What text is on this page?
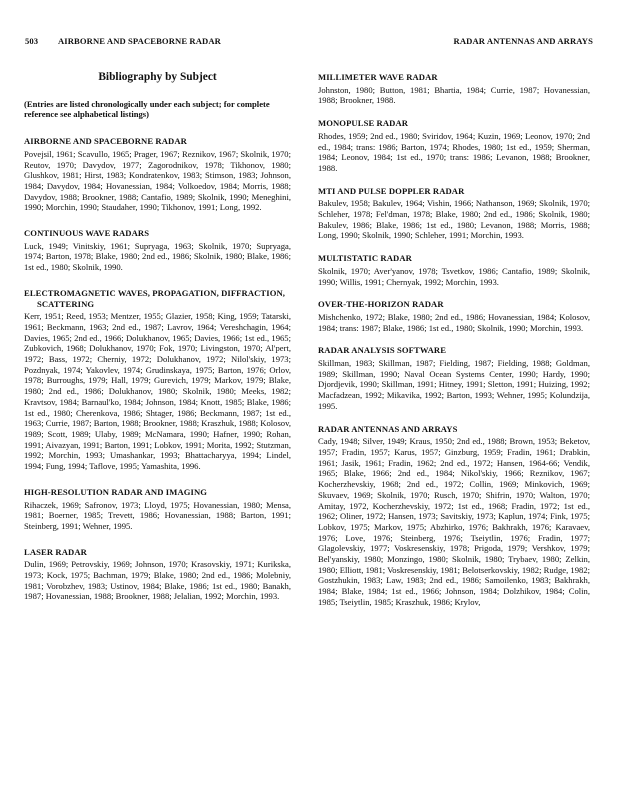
503 AIRBORNE AND SPACEBORNE RADAR	RADAR ANTENNAS AND ARRAYS
Bibliography by Subject
(Entries are listed chronologically under each subject; for complete reference see alphabetical listings)
AIRBORNE AND SPACEBORNE RADAR

Povejsil, 1961; Scavullo, 1965; Prager, 1967; Reznikov, 1967; Skolnik, 1970; Reutov, 1970; Davydov, 1977; Zagorodnikov, 1978; Tikhonov, 1980; Glushkov, 1981; Hirst, 1983; Kondratenkov, 1983; Stimson, 1983; Johnson, 1984; Davydov, 1984; Hovanessian, 1984; Volkoedov, 1984; Morris, 1988; Davydov, 1988; Brookner, 1988; Cantafio, 1989; Skolnik, 1990; Meneghini, 1990; Morchin, 1990; Staudaher, 1990; Tikhonov, 1991; Long, 1992.

CONTINUOUS WAVE RADARS

Luck, 1949; Vinitskiy, 1961; Supryaga, 1963; Skolnik, 1970; Supryaga, 1974; Barton, 1978; Blake, 1980; 2nd ed., 1986; Skolnik, 1980; Blake, 1986; 1st ed., 1980; Skolnik, 1990.

ELECTROMAGNETIC WAVES, PROPAGATION, DIFFRACTION, SCATTERING

Kerr, 1951; Reed, 1953; Mentzer, 1955; Glazier, 1958; King, 1959; Tatarski, 1961; Beckmann, 1963; 2nd ed., 1987; Lavrov, 1964; Vereshchagin, 1964; Davies, 1965; 2nd ed., 1966; Dolukhanov, 1965; Davies, 1966; 1st ed., 1965; Zubkovich, 1968; Dolukhanov, 1970; Fok, 1970; Livingston, 1970; Al'pert, 1972; Bass, 1972; Cherniy, 1972; Dolukhanov, 1972; Nilol'skiy, 1973; Pozdnyak, 1974; Yakovlev, 1974; Grudinskaya, 1975; Barton, 1976; Orlov, 1978; Burroughs, 1979; Hall, 1979; Gurevich, 1979; Markov, 1979; Blake, 1980; 2nd ed., 1986; Dolukhanov, 1980; Skolnik, 1980; Meeks, 1982; Kravtsov, 1984; Barnaul'ko, 1984; Johnson, 1984; Knott, 1985; Blake, 1986; 1st ed., 1980; Cherenkova, 1986; Shtager, 1986; Beckmann, 1987; 1st ed., 1963; Currie, 1987; Barton, 1988; Brookner, 1988; Kraszhuk, 1988; Kolosov, 1989; Scott, 1989; Ulaby, 1989; McNamara, 1990; Hafner, 1990; Rohan, 1991; Aivazyan, 1991; Barton, 1991; Lobkov, 1991; Morita, 1992; Stutzman, 1992; Morchin, 1993; Umashankar, 1993; Bhattacharyya, 1994; Lindel, 1994; Fung, 1994; Taflove, 1995; Yamashita, 1996.

HIGH-RESOLUTION RADAR AND IMAGING

Rihaczek, 1969; Safronov, 1973; Lloyd, 1975; Hovanessian, 1980; Mensa, 1981; Boerner, 1985; Trevett, 1986; Hovanessian, 1988; Barton, 1991; Steinberg, 1991; Wehner, 1995.

LASER RADAR

Dulin, 1969; Petrovskiy, 1969; Johnson, 1970; Krasovskiy, 1971; Kurikska, 1973; Kock, 1975; Bachman, 1979; Blake, 1980; 2nd ed., 1986; Molebniy, 1981; Vorobzhev, 1983; Ustinov, 1984; Blake, 1986; 1st ed., 1980; Banakh, 1987; Hovanessian, 1988; Brookner, 1988; Jelalian, 1992; Morchin, 1993.

MILLIMETER WAVE RADAR

Johnston, 1980; Button, 1981; Bhartia, 1984; Currie, 1987; Hovanessian, 1988; Brookner, 1988.

MONOPULSE RADAR

Rhodes, 1959; 2nd ed., 1980; Sviridov, 1964; Kuzin, 1969; Leonov, 1970; 2nd ed., 1984; trans: 1986; Barton, 1974; Rhodes, 1980; 1st ed., 1959; Sherman, 1984; Leonov, 1984; 1st ed., 1970; trans: 1986; Levanon, 1988; Brookner, 1988.

MTI AND PULSE DOPPLER RADAR

Bakulev, 1958; Bakulev, 1964; Vishin, 1966; Nathanson, 1969; Skolnik, 1970; Schleher, 1978; Fel'dman, 1978; Blake, 1980; 2nd ed., 1986; Skolnik, 1980; Bakulev, 1986; Blake, 1986; 1st ed., 1980; Levanon, 1988; Morris, 1988; Long, 1990; Skolnik, 1990; Schleher, 1991; Morchin, 1993.

MULTISTATIC RADAR

Skolnik, 1970; Aver'yanov, 1978; Tsvetkov, 1986; Cantafio, 1989; Skolnik, 1990; Willis, 1991; Chernyak, 1992; Morchin, 1993.

OVER-THE-HORIZON RADAR

Mishchenko, 1972; Blake, 1980; 2nd ed., 1986; Hovanessian, 1984; Kolosov, 1984; trans: 1987; Blake, 1986; 1st ed., 1980; Skolnik, 1990; Morchin, 1993.

RADAR ANALYSIS SOFTWARE

Skillman, 1983; Skillman, 1987; Fielding, 1987; Fielding, 1988; Goldman, 1989; Skillman, 1990; Naval Ocean Systems Center, 1990; Hardy, 1990; Djordjevik, 1990; Skillman, 1991; Hitney, 1991; Sletton, 1991; Huizing, 1992; Macfadzean, 1992; Mikavika, 1992; Barton, 1993; Wehner, 1995; Kolundzija, 1995.

RADAR ANTENNAS AND ARRAYS

Cady, 1948; Silver, 1949; Kraus, 1950; 2nd ed., 1988; Brown, 1953; Beketov, 1957; Fradin, 1957; Karus, 1957; Ginzburg, 1959; Fradin, 1961; Drabkin, 1961; Jasik, 1961; Fradin, 1962; 2nd ed., 1972; Hansen, 1964-66; Vendik, 1965; Blake, 1966; 2nd ed., 1984; Nikol'skiy, 1966; Reznikov, 1967; Kocherzhevskiy, 1968; 2nd ed., 1972; Collin, 1969; Minkovich, 1969; Skuvaev, 1969; Skolnik, 1970; Rusch, 1970; Shifrin, 1970; Walton, 1970; Amitay, 1972, Kocherzhevskiy, 1972; 1st ed., 1968; Fradin, 1972; 1st ed., 1962; Oliner, 1972; Hansen, 1973; Savitskiy, 1973; Kaplun, 1974; Fink, 1975; Lobkov, 1975; Markov, 1975; Abzhirko, 1976; Bakhrakh, 1976; Karavaev, 1976; Love, 1976; Steinberg, 1976; Tseiytlin, 1976; Fradin, 1977; Glagolevskiy, 1977; Voskresenskiy, 1978; Prigoda, 1979; Vershkov, 1979; Bel'yanskiy, 1980; Monzingo, 1980; Skolnik, 1980; Trybaev, 1980; Zelkin, 1980; Elliott, 1981; Voskresenskiy, 1981; Belotserkovskiy, 1982; Rudge, 1982; Gostzhukin, 1983; Law, 1983; 2nd ed., 1986; Samoilenko, 1983; Bakhrakh, 1984; Blake, 1984; 1st ed., 1966; Johnson, 1984; Dolzhikov, 1984; Colin, 1985; Tseiytlin, 1985; Kraszhuk, 1986; Krylov,
